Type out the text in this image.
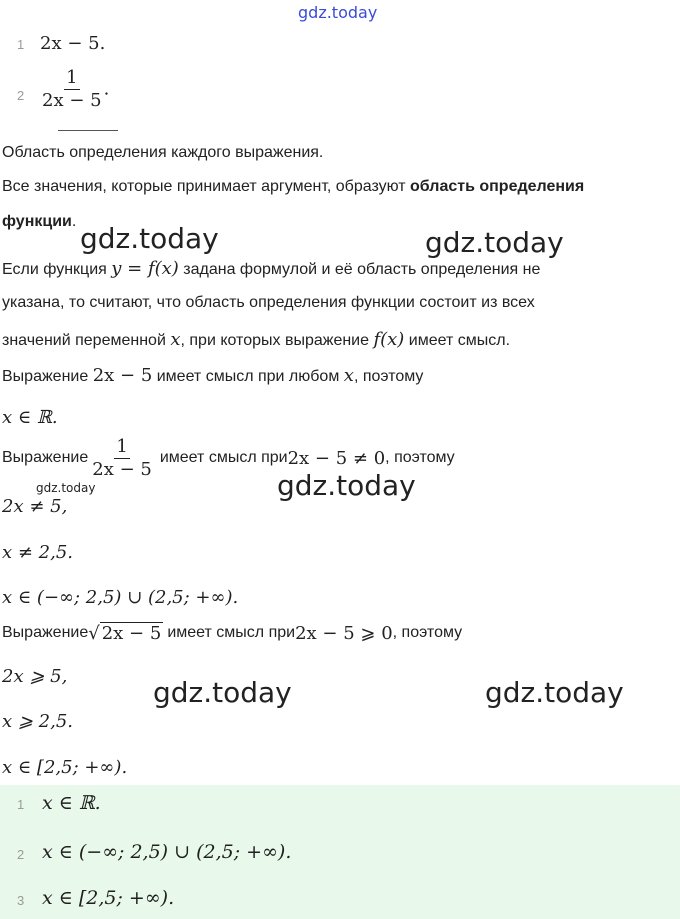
gdz.today
gdz.today	gdz.today
gdz.today	gdz.today
gdz.today	gdz.today
1 2x − 5.
$2 \frac{1}{2x - 5}$ .
Область определения каждого выражения.
Все значения, которые принимает аргумент, образуют область определения
функции.
Если функция y = f(x) задана формулой и её область определения не
указана, то считают, что область определения функции состоит из всех
значений переменной x, при которых выражение f(x) имеет смысл.
Выражение 2x − 5 имеет смысл при любом x, поэтому
x ∈ ℝ.
Выражение $\frac{1}{2x - 5}$ имеет смысл при 2x − 5 ≠ 0 , поэтому
2x ≠ 5,
x ≠ 2,5.
x ∈ (−∞; 2,5) ∪ (2,5; +∞).
Выражение √ 2x − 5 имеет смысл при 2x − 5 ⩾ 0 , поэтому
2x ⩾ 5,
x ⩾ 2,5.
x ∈ [2,5; +∞).
1 x ∈ ℝ.
2 x ∈ (−∞; 2,5) ∪ (2,5; +∞).
3 x ∈ [2,5; +∞).
